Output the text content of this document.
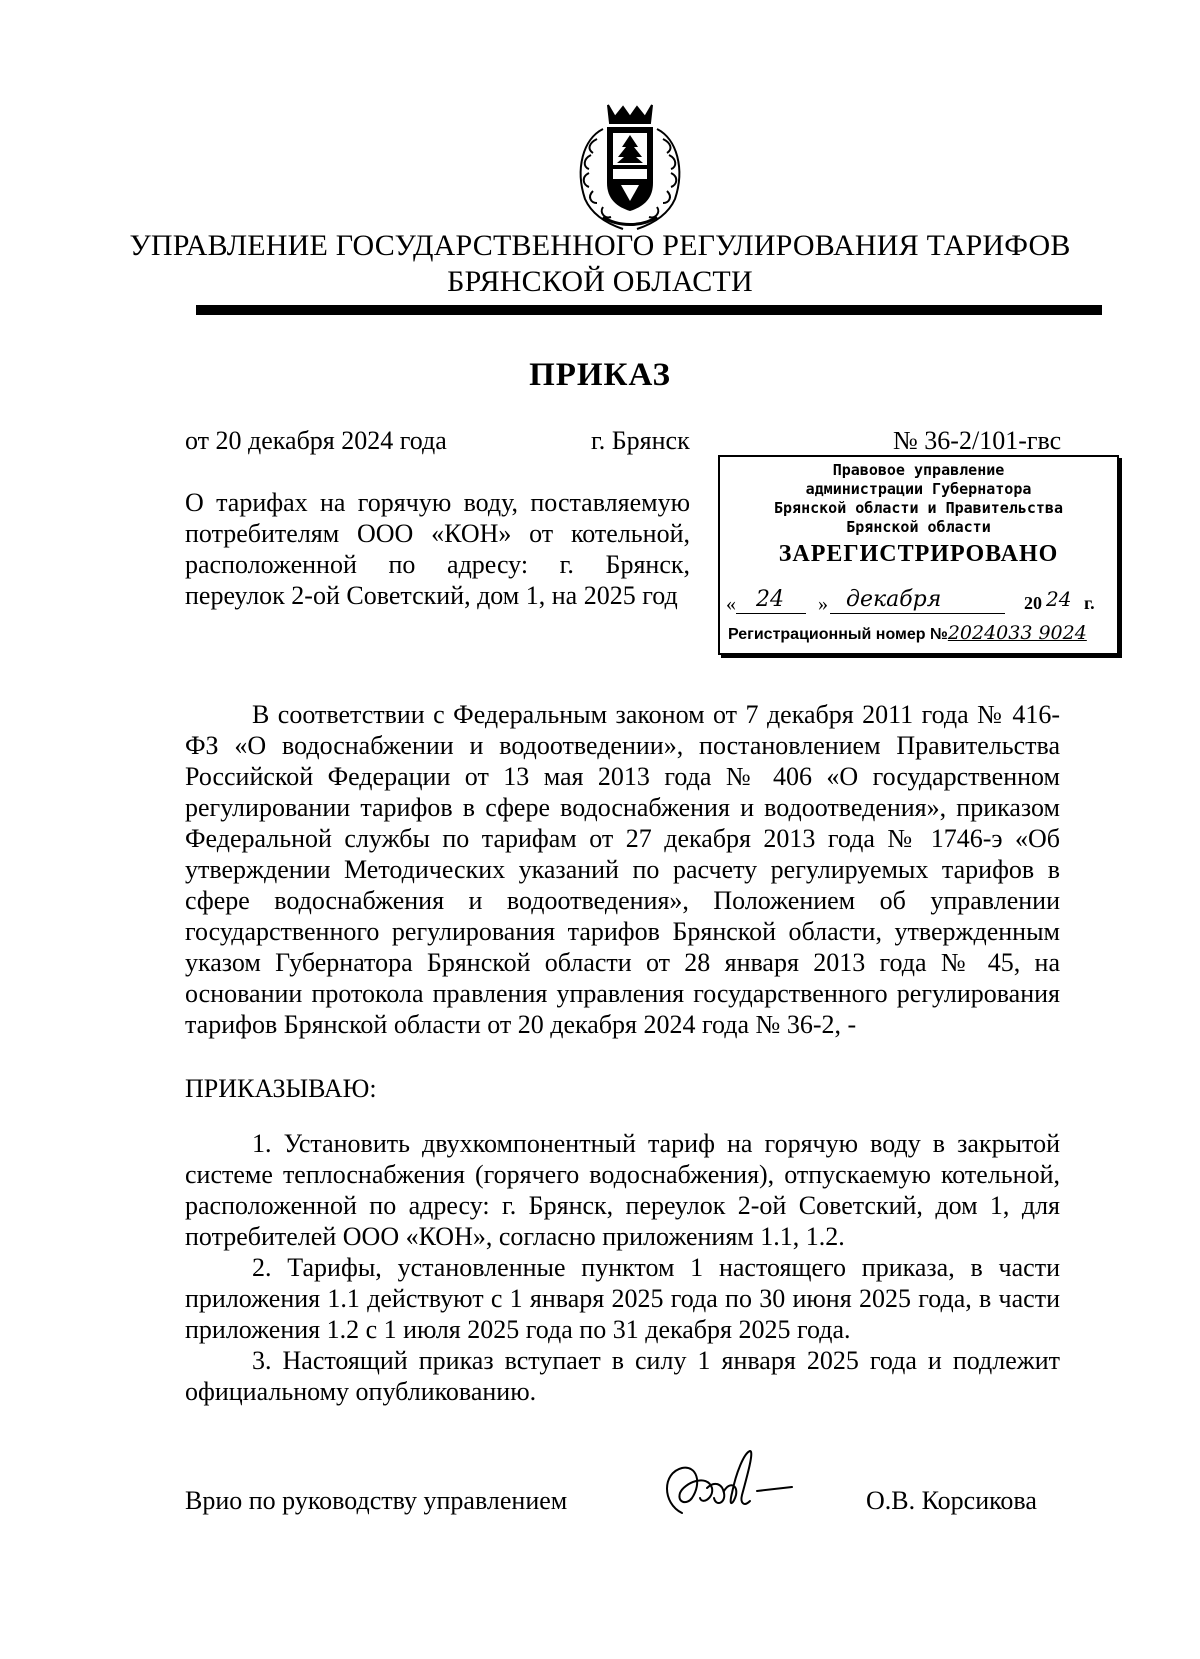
УПРАВЛЕНИЕ ГОСУДАРСТВЕННОГО РЕГУЛИРОВАНИЯ ТАРИФОВ
БРЯНСКОЙ ОБЛАСТИ
ПРИКАЗ
от 20 декабря 2024 года	г. Брянск	№ 36-2/101-гвс
О тарифах на горячую воду, поставляемую потребителям ООО «КОН» от котельной, расположенной по адресу: г. Брянск, переулок 2-ой Советский, дом 1, на 2025 год
Правовое управление
администрации Губернатора
Брянской области и Правительства
Брянской области
ЗАРЕГИСТРИРОВАНО
« 24 » декабря	20 24 г.
Регистрационный номер №2024033 9024
В соответствии с Федеральным законом от 7 декабря 2011 года № 416-ФЗ «О водоснабжении и водоотведении», постановлением Правительства Российской Федерации от 13 мая 2013 года № 406 «О государственном регулировании тарифов в сфере водоснабжения и водоотведения», приказом Федеральной службы по тарифам от 27 декабря 2013 года № 1746-э «Об утверждении Методических указаний по расчету регулируемых тарифов в сфере водоснабжения и водоотведения», Положением об управлении государственного регулирования тарифов Брянской области, утвержденным указом Губернатора Брянской области от 28 января 2013 года № 45, на основании протокола правления управления государственного регулирования тарифов Брянской области от 20 декабря 2024 года № 36-2, -
ПРИКАЗЫВАЮ:

1. Установить двухкомпонентный тариф на горячую воду в закрытой системе теплоснабжения (горячего водоснабжения), отпускаемую котельной, расположенной по адресу: г. Брянск, переулок 2-ой Советский, дом 1, для потребителей ООО «КОН», согласно приложениям 1.1, 1.2.

2. Тарифы, установленные пунктом 1 настоящего приказа, в части приложения 1.1 действуют с 1 января 2025 года по 30 июня 2025 года, в части приложения 1.2 с 1 июля 2025 года по 31 декабря 2025 года.

3. Настоящий приказ вступает в силу 1 января 2025 года и подлежит официальному опубликованию.

Врио по руководству управлением	О.В. Корсикова
